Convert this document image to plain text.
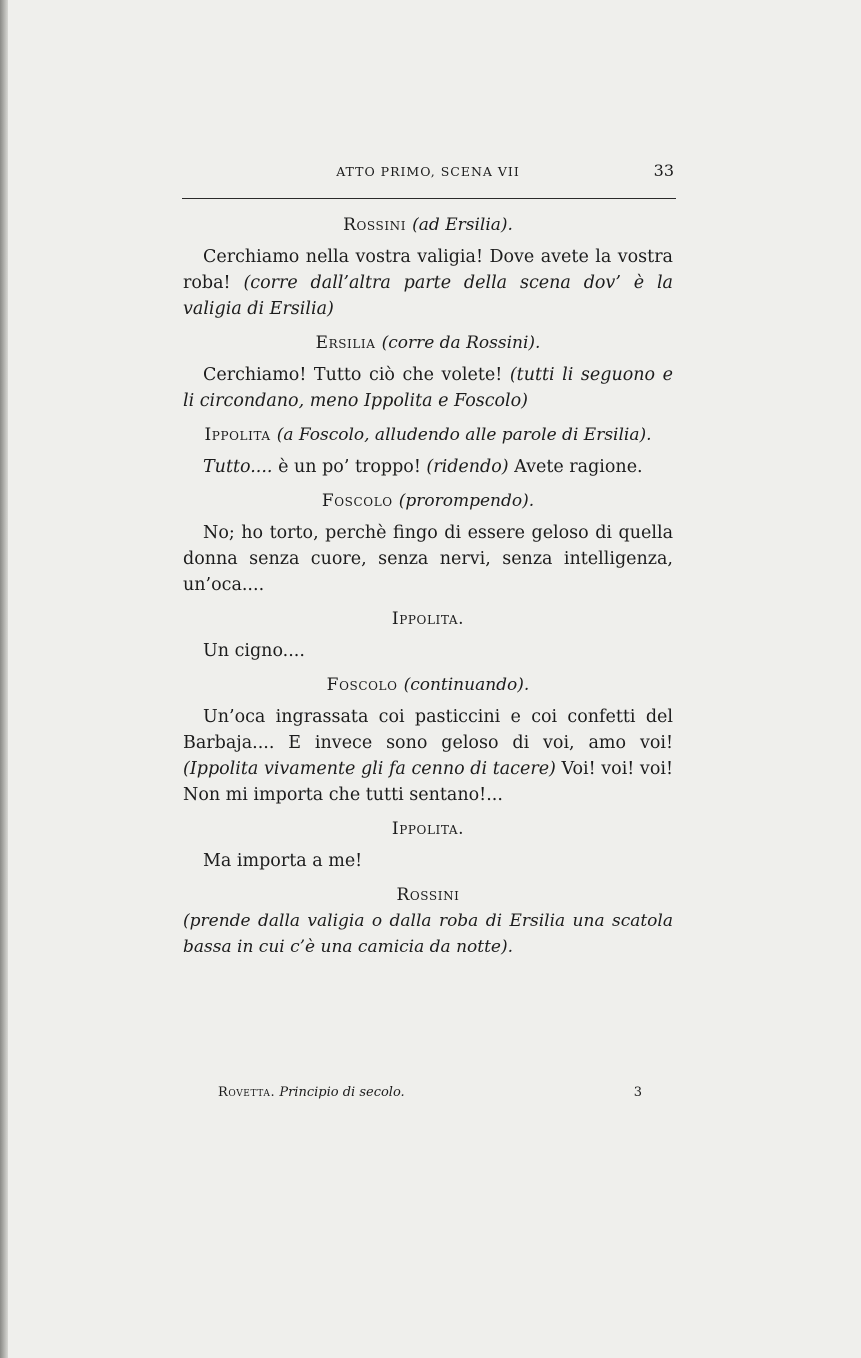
ATTO PRIMO, SCENA VII	33

Rossini (ad Ersilia).

Cerchiamo nella vostra valigia! Dove avete la vostra roba! (corre dall’altra parte della scena dov’ è la valigia di Ersilia)

Ersilia (corre da Rossini).

Cerchiamo! Tutto ciò che volete! (tutti li seguono e li circondano, meno Ippolita e Foscolo)

Ippolita (a Foscolo, alludendo alle parole di Ersilia).

Tutto.... è un po’ troppo! (ridendo) Avete ragione.

Foscolo (prorompendo).

No; ho torto, perchè fingo di essere geloso di quella donna senza cuore, senza nervi, senza intelligenza, un’oca....

Ippolita.

Un cigno....

Foscolo (continuando).

Un’oca ingrassata coi pasticcini e coi confetti del Barbaja.... E invece sono geloso di voi, amo voi! (Ippolita vivamente gli fa cenno di tacere) Voi! voi! voi! Non mi importa che tutti sentano!...

Ippolita.

Ma importa a me!

Rossini

(prende dalla valigia o dalla roba di Ersilia una scatola bassa in cui c’è una camicia da notte).

Rovetta. Principio di secolo.	3
